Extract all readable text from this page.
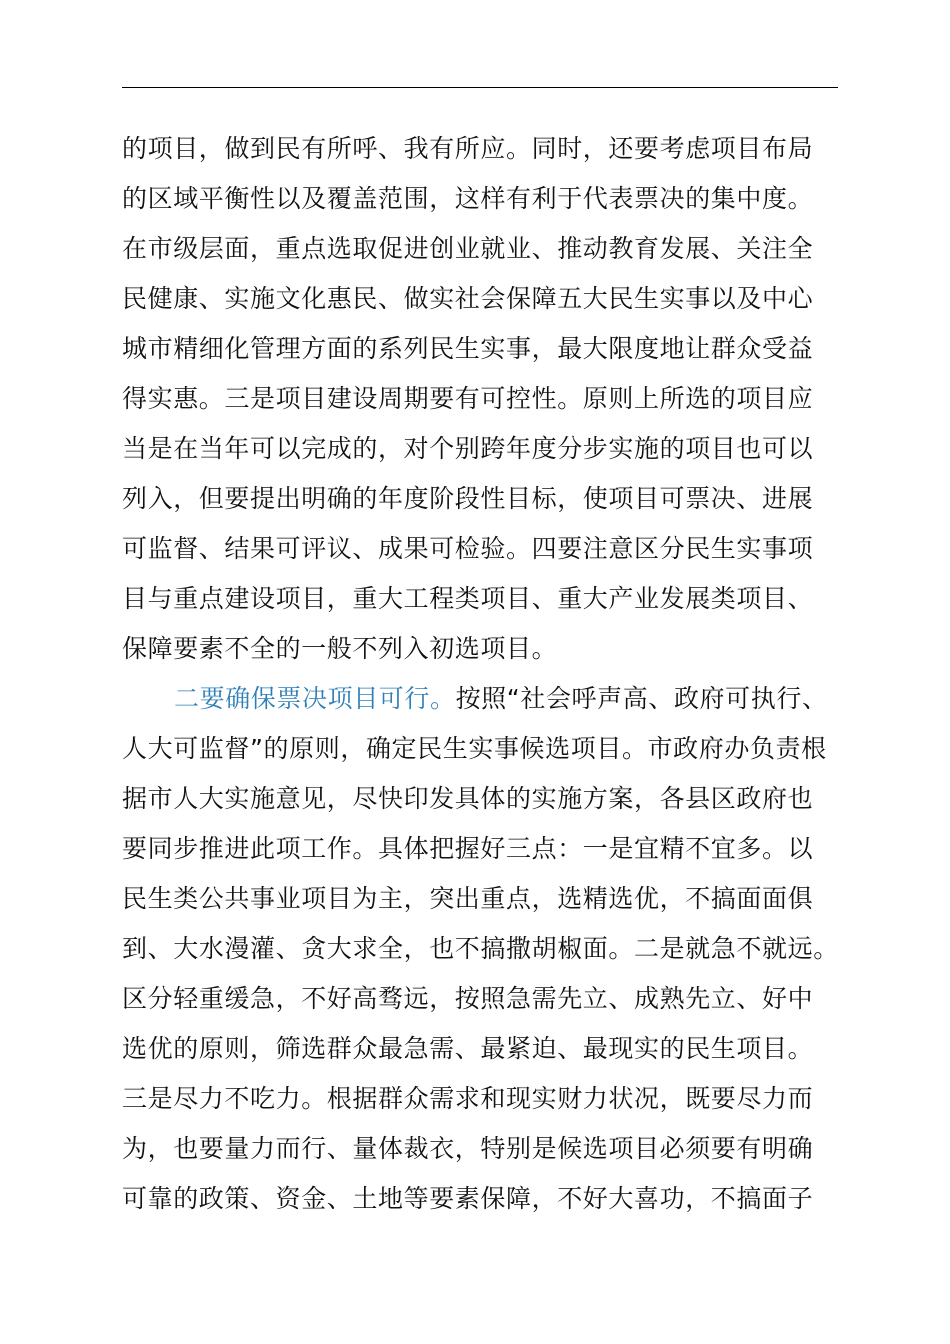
的项目，做到民有所呼、我有所应。同时，还要考虑项目布局
的区域平衡性以及覆盖范围，这样有利于代表票决的集中度。
在市级层面，重点选取促进创业就业、推动教育发展、关注全
民健康、实施文化惠民、做实社会保障五大民生实事以及中心
城市精细化管理方面的系列民生实事，最大限度地让群众受益
得实惠。三是项目建设周期要有可控性。原则上所选的项目应
当是在当年可以完成的，对个别跨年度分步实施的项目也可以
列入，但要提出明确的年度阶段性目标，使项目可票决、进展
可监督、结果可评议、成果可检验。四要注意区分民生实事项
目与重点建设项目，重大工程类项目、重大产业发展类项目、
保障要素不全的一般不列入初选项目。
二要确保票决项目可行。按照“社会呼声高、政府可执行、
人大可监督”的原则，确定民生实事候选项目。市政府办负责根
据市人大实施意见，尽快印发具体的实施方案，各县区政府也
要同步推进此项工作。具体把握好三点：一是宜精不宜多。以
民生类公共事业项目为主，突出重点，选精选优，不搞面面俱
到、大水漫灌、贪大求全，也不搞撒胡椒面。二是就急不就远。
区分轻重缓急，不好高骛远，按照急需先立、成熟先立、好中
选优的原则，筛选群众最急需、最紧迫、最现实的民生项目。
三是尽力不吃力。根据群众需求和现实财力状况，既要尽力而
为，也要量力而行、量体裁衣，特别是候选项目必须要有明确
可靠的政策、资金、土地等要素保障，不好大喜功，不搞面子
